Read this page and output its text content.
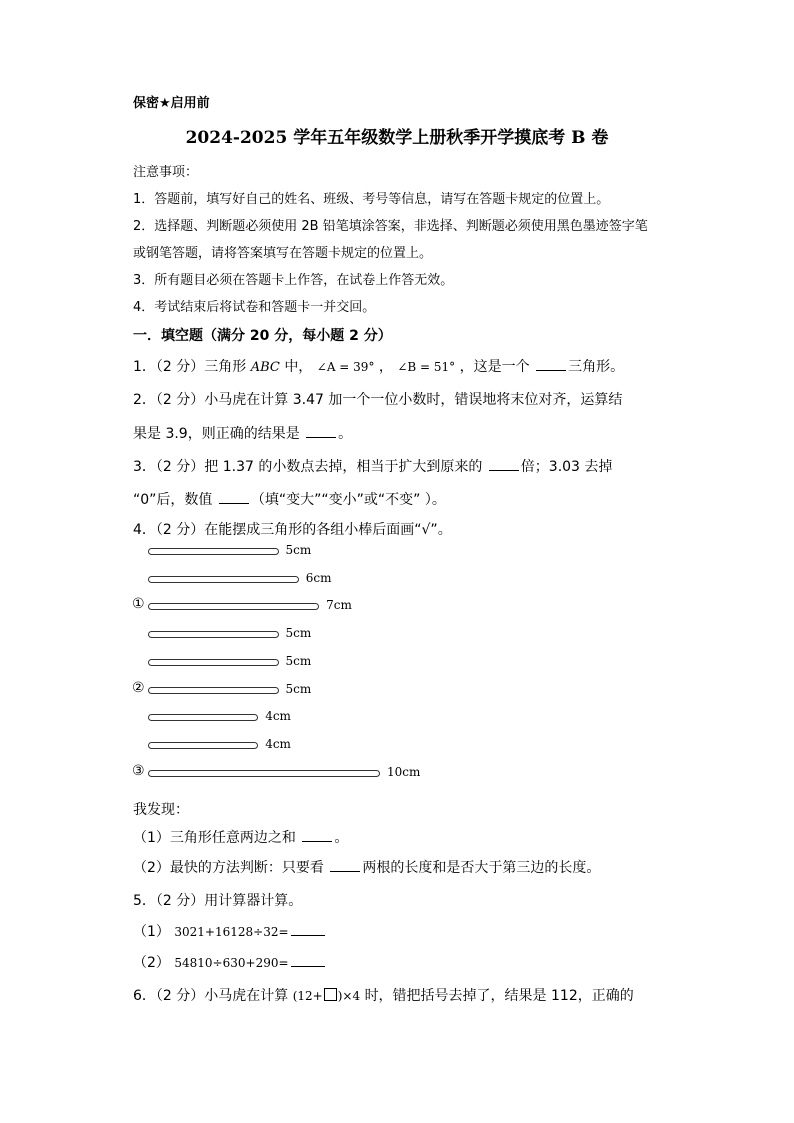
保密★启用前
2024-2025 学年五年级数学上册秋季开学摸底考 B 卷
注意事项：
1．答题前，填写好自己的姓名、班级、考号等信息，请写在答题卡规定的位置上。
2．选择题、判断题必须使用 2B 铅笔填涂答案，非选择、判断题必须使用黑色墨迹签字笔
或钢笔答题，请将答案填写在答题卡规定的位置上。
3．所有题目必须在答题卡上作答，在试卷上作答无效。
4．考试结束后将试卷和答题卡一并交回。
一．填空题（满分 20 分，每小题 2 分）
1．（2 分）三角形 ABC 中， ∠A = 39° ， ∠B = 51° ，这是一个	三角形。
2．（2 分）小马虎在计算 3.47 加一个一位小数时，错误地将末位对齐，运算结
果是 3.9，则正确的结果是	。
3．（2 分）把 1.37 的小数点去掉，相当于扩大到原来的	倍；3.03 去掉
“0”后，数值	（填“变大”“变小”或“不变” ）。
4．（2 分）在能摆成三角形的各组小棒后面画“√”。
5cm
6cm
7cm
①
5cm
5cm
5cm
②
4cm
4cm
10cm
③
我发现：
（1）三角形任意两边之和	。
（2）最快的方法判断：只要看	两根的长度和是否大于第三边的长度。
5．（2 分）用计算器计算。
（1） 3021+16128÷32=
（2） 54810÷630+290=
6．（2 分）小马虎在计算 (12+ )×4 时，错把括号去掉了，结果是 112，正确的
